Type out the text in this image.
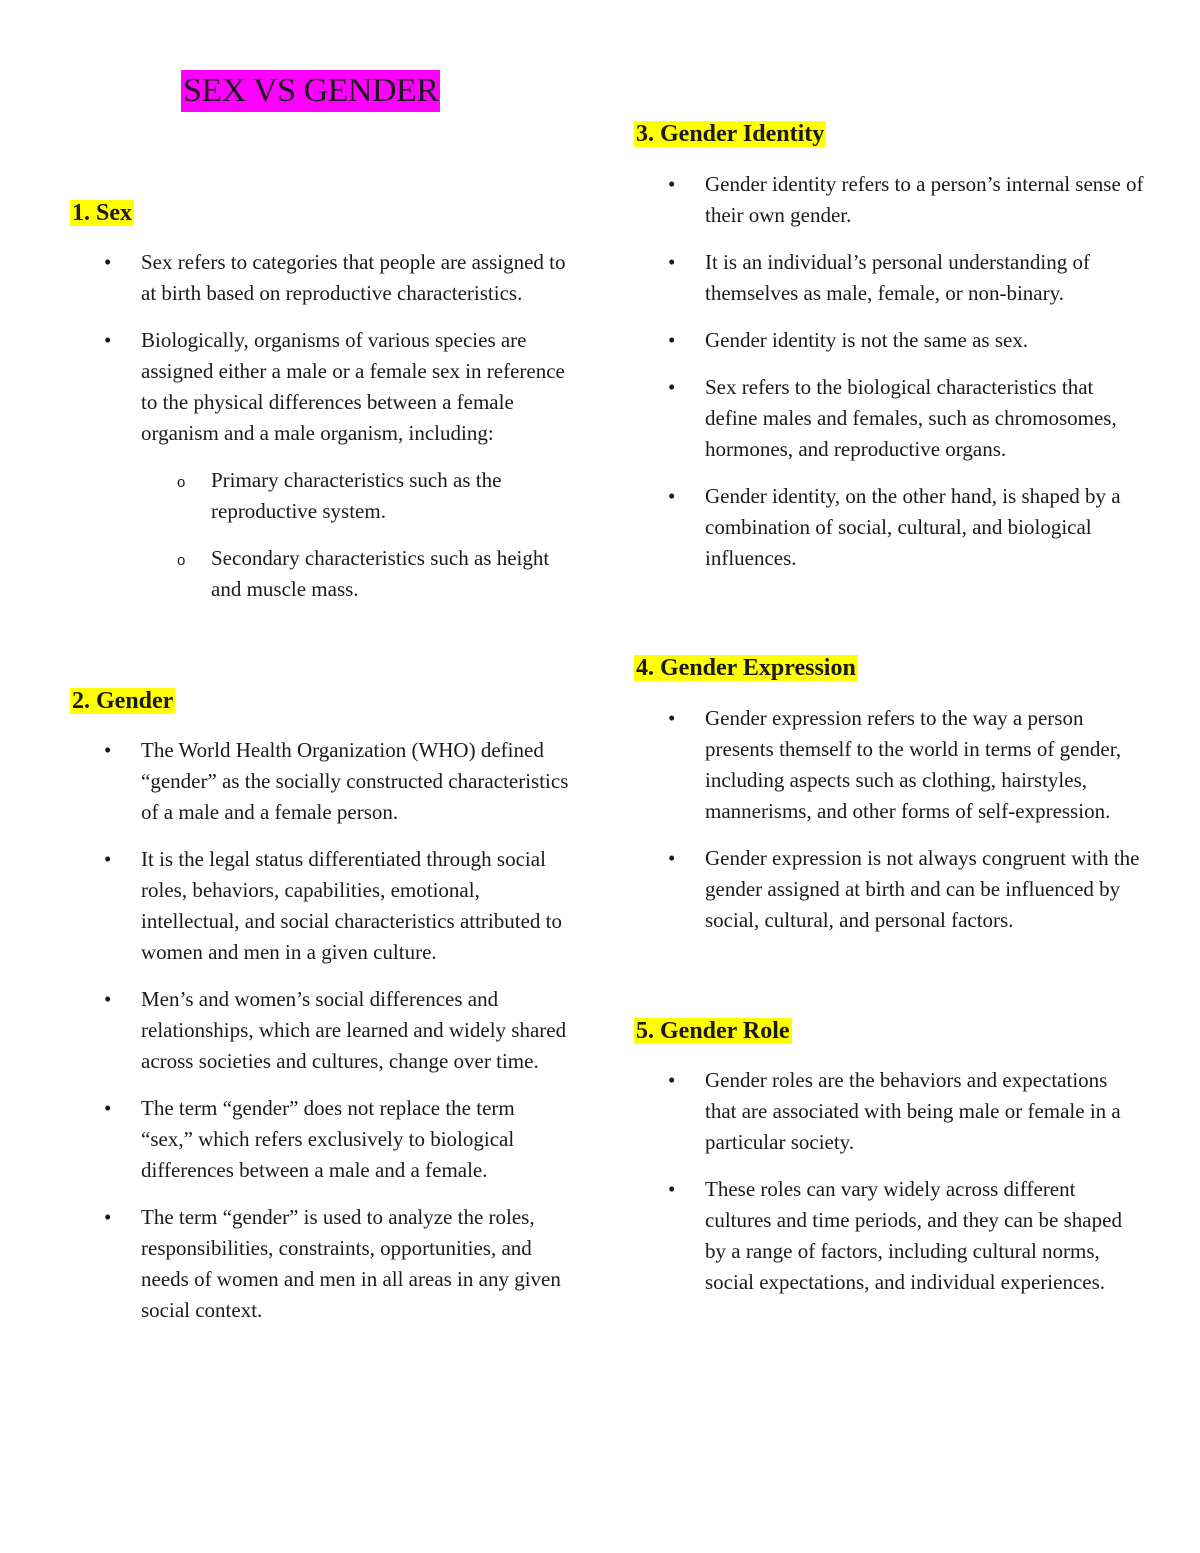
SEX VS GENDER
1. Sex
• Sex refers to categories that people are assigned to at birth based on reproductive characteristics.
• Biologically, organisms of various species are assigned either a male or a female sex in reference to the physical differences between a female organism and a male organism, including:
o Primary characteristics such as the reproductive system.
o Secondary characteristics such as height and muscle mass.
2. Gender
• The World Health Organization (WHO) defined “gender” as the socially constructed characteristics of a male and a female person.
• It is the legal status differentiated through social roles, behaviors, capabilities, emotional, intellectual, and social characteristics attributed to women and men in a given culture.
• Men’s and women’s social differences and relationships, which are learned and widely shared across societies and cultures, change over time.
• The term “gender” does not replace the term “sex,” which refers exclusively to biological differences between a male and a female.
• The term “gender” is used to analyze the roles, responsibilities, constraints, opportunities, and needs of women and men in all areas in any given social context.
3. Gender Identity
• Gender identity refers to a person’s internal sense of their own gender.
• It is an individual’s personal understanding of themselves as male, female, or non-binary.
• Gender identity is not the same as sex.
• Sex refers to the biological characteristics that define males and females, such as chromosomes, hormones, and reproductive organs.
• Gender identity, on the other hand, is shaped by a combination of social, cultural, and biological influences.
4. Gender Expression
• Gender expression refers to the way a person presents themself to the world in terms of gender, including aspects such as clothing, hairstyles, mannerisms, and other forms of self-expression.
• Gender expression is not always congruent with the gender assigned at birth and can be influenced by social, cultural, and personal factors.
5. Gender Role
• Gender roles are the behaviors and expectations that are associated with being male or female in a particular society.
• These roles can vary widely across different cultures and time periods, and they can be shaped by a range of factors, including cultural norms, social expectations, and individual experiences.
